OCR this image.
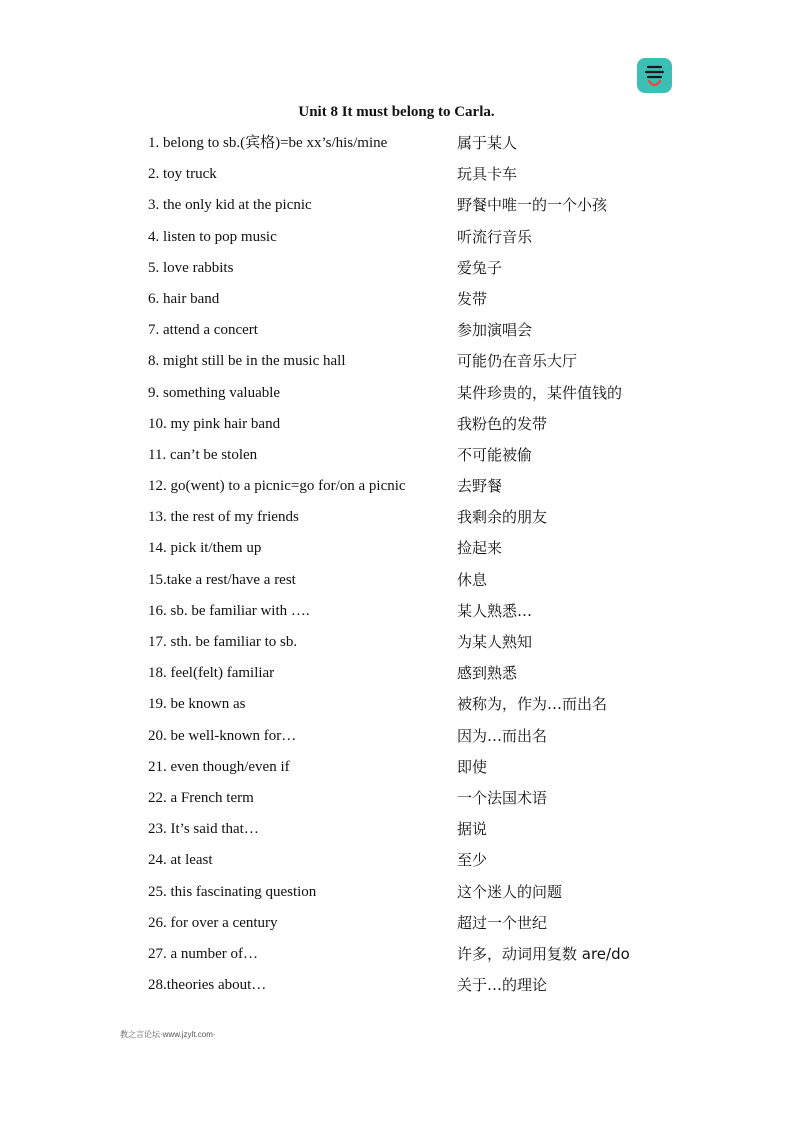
Unit 8 It must belong to Carla.
1. belong to sb.(宾格)=be xx’s/his/mine	属于某人
2. toy truck	玩具卡车
3. the only kid at the picnic	野餐中唯一的一个小孩
4. listen to pop music	听流行音乐
5. love rabbits	爱兔子
6. hair band	发带
7. attend a concert	参加演唱会
8. might still be in the music hall	可能仍在音乐大厅
9. something valuable	某件珍贵的，某件值钱的
10. my pink hair band	我粉色的发带
11. can’t be stolen	不可能被偷
12. go(went) to a picnic=go for/on a picnic	去野餐
13. the rest of my friends	我剩余的朋友
14. pick it/them up	捡起来
15.take a rest/have a rest	休息
16. sb. be familiar with ….	某人熟悉…
17. sth. be familiar to sb.	为某人熟知
18. feel(felt) familiar	感到熟悉
19. be known as	被称为，作为…而出名
20. be well-known for…	因为…而出名
21. even though/even if	即使
22. a French term	一个法国术语
23. It’s said that…	据说
24. at least	至少
25. this fascinating question	这个迷人的问题
26. for over a century	超过一个世纪
27. a number of…	许多，动词用复数 are/do
28.theories about…	关于…的理论
教之言论坛·www.jzylt.com·
